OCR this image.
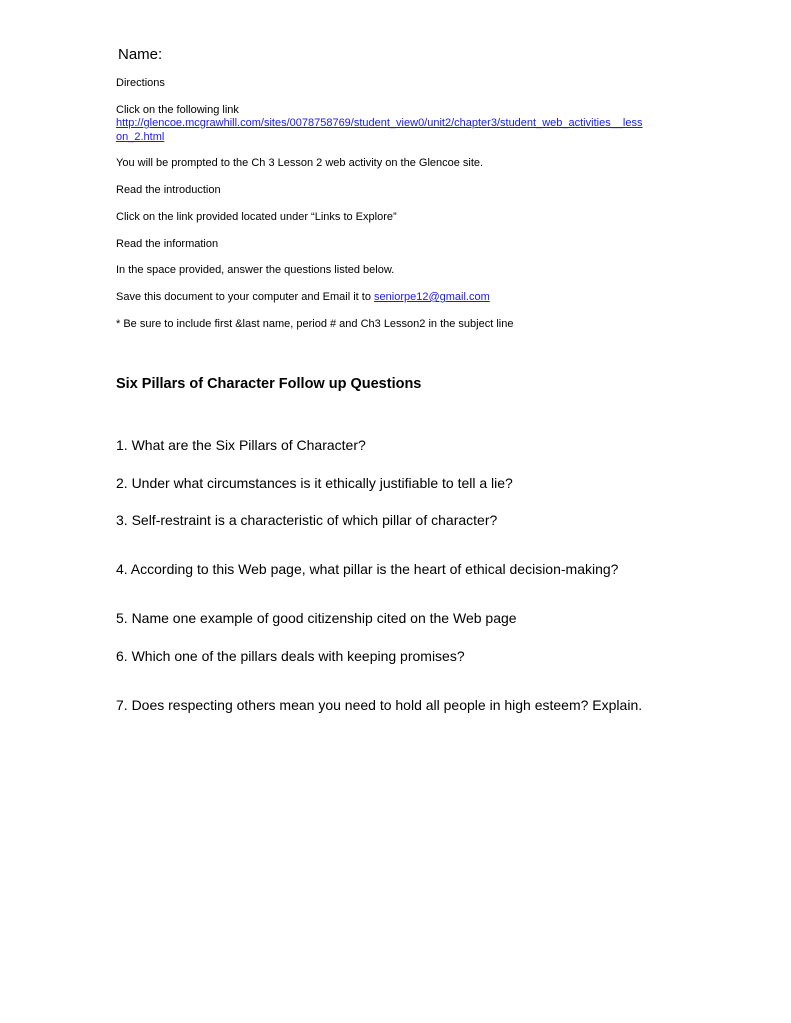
Name:
Directions
Click on the following link
http://glencoe.mcgrawhill.com/sites/0078758769/student_view0/unit2/chapter3/student_web_activities__less
on_2.html
You will be prompted to the Ch 3 Lesson 2 web activity on the Glencoe site.
Read the introduction
Click on the link provided located under “Links to Explore”
Read the information
In the space provided, answer the questions listed below.
Save this document to your computer and Email it to seniorpe12@gmail.com
* Be sure to include first &last name, period # and Ch3 Lesson2 in the subject line
Six Pillars of Character Follow up Questions
1. What are the Six Pillars of Character?
2. Under what circumstances is it ethically justifiable to tell a lie?
3. Self-restraint is a characteristic of which pillar of character?
4. According to this Web page, what pillar is the heart of ethical decision-making?
5. Name one example of good citizenship cited on the Web page
6. Which one of the pillars deals with keeping promises?
7. Does respecting others mean you need to hold all people in high esteem? Explain.
